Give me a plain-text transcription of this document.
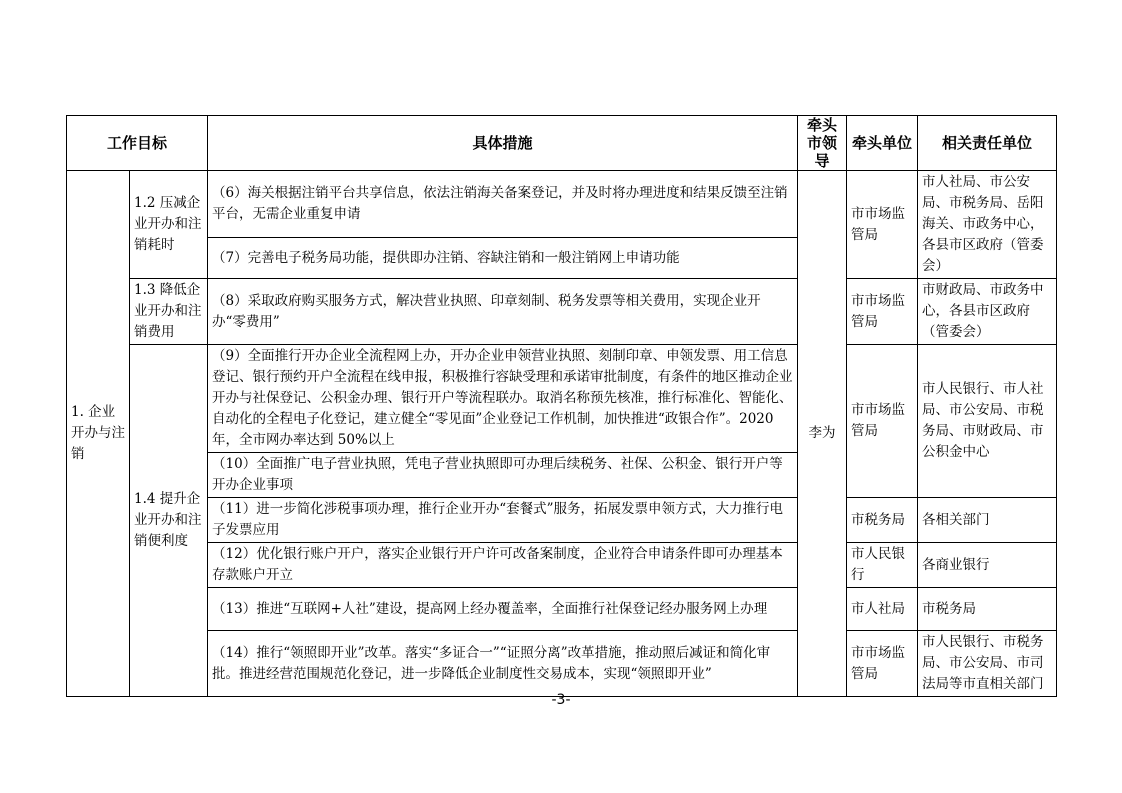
工作目标		具体措施	牵头
市领导	牵头单位	相关责任单位
1. 企业开办与注销	1.2 压减企业开办和注销耗时	（6）海关根据注销平台共享信息，依法注销海关备案登记，并及时将办理进度和结果反馈至注销平台，无需企业重复申请	李为	市市场监管局	市人社局、市公安局、市税务局、岳阳海关、市政务中心，各县市区政府（管委会）
		（7）完善电子税务局功能，提供即办注销、容缺注销和一般注销网上申请功能			
	1.3 降低企业开办和注销费用	（8）采取政府购买服务方式，解决营业执照、印章刻制、税务发票等相关费用，实现企业开办“零费用”		市市场监管局	市财政局、市政务中心，各县市区政府（管委会）
	1.4 提升企业开办和注销便利度	（9）全面推行开办企业全流程网上办，开办企业申领营业执照、刻制印章、申领发票、用工信息登记、银行预约开户全流程在线申报，积极推行容缺受理和承诺审批制度，有条件的地区推动企业开办与社保登记、公积金办理、银行开户等流程联办。取消名称预先核准，推行标准化、智能化、自动化的全程电子化登记，建立健全“零见面”企业登记工作机制，加快推进“政银合作”。2020 年，全市网办率达到 50%以上		市市场监管局	市人民银行、市人社局、市公安局、市税务局、市财政局、市公积金中心
		（10）全面推广电子营业执照，凭电子营业执照即可办理后续税务、社保、公积金、银行开户等开办企业事项			
		（11）进一步简化涉税事项办理，推行企业开办“套餐式”服务，拓展发票申领方式，大力推行电子发票应用		市税务局	各相关部门
		（12）优化银行账户开户，落实企业银行开户许可改备案制度，企业符合申请条件即可办理基本存款账户开立		市人民银行	各商业银行
		（13）推进“互联网+人社”建设，提高网上经办覆盖率，全面推行社保登记经办服务网上办理		市人社局	市税务局
		（14）推行“领照即开业”改革。落实“多证合一”“证照分离”改革措施，推动照后减证和简化审批。推进经营范围规范化登记，进一步降低企业制度性交易成本，实现“领照即开业”		市市场监管局	市人民银行、市税务局、市公安局、市司法局等市直相关部门
-3-
